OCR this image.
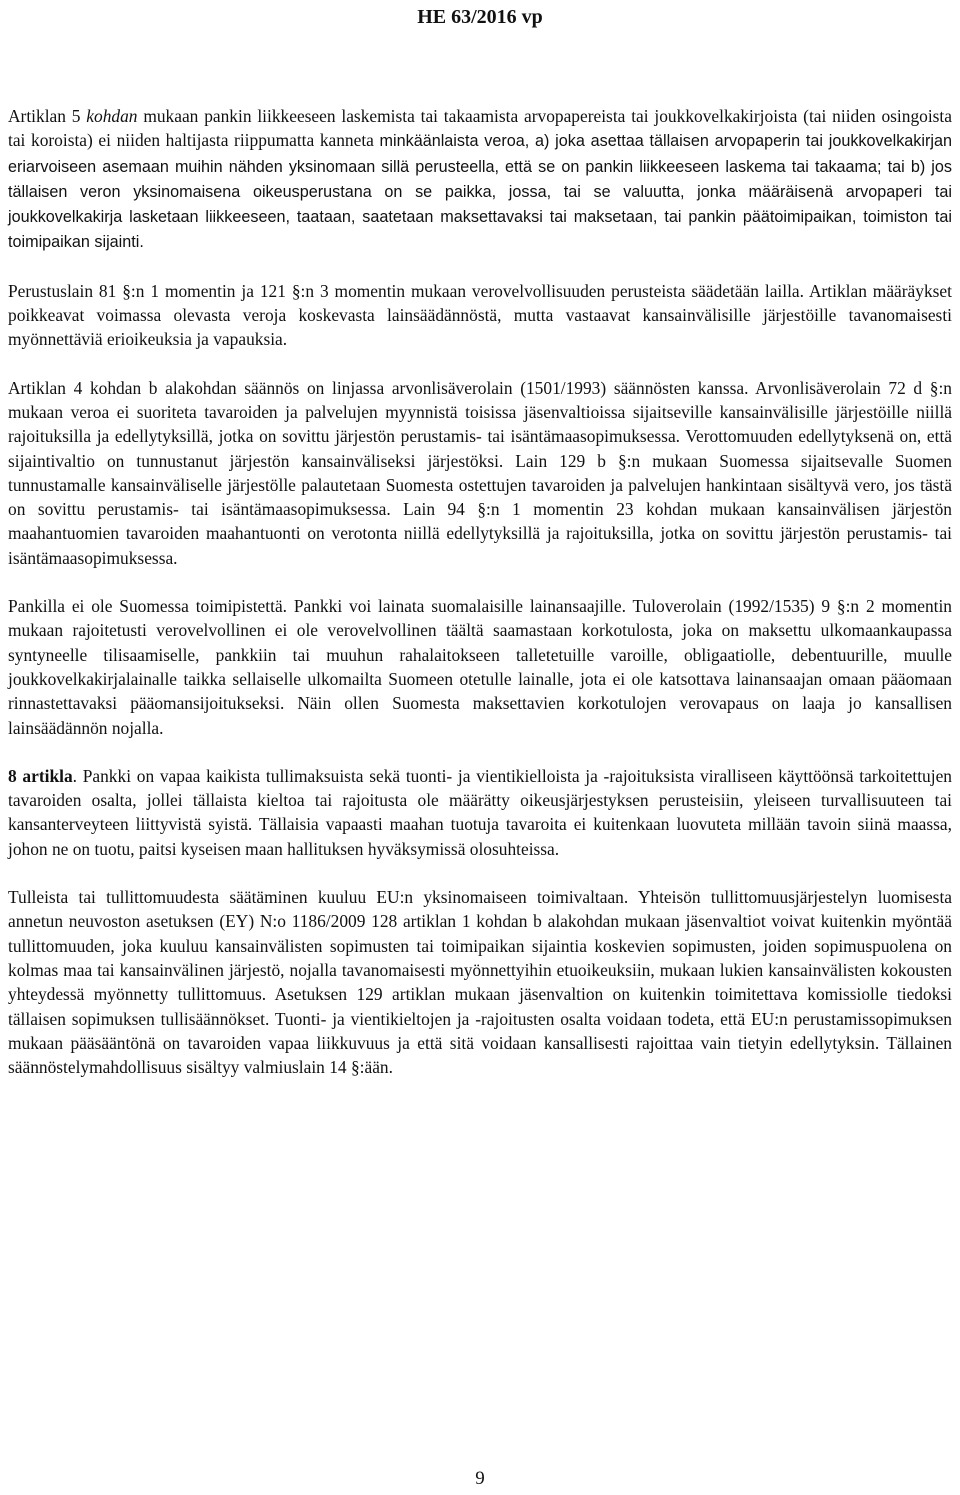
HE 63/2016 vp

Artiklan 5 kohdan mukaan pankin liikkeeseen laskemista tai takaamista arvopapereista tai joukkovelkakirjoista (tai niiden osingoista tai koroista) ei niiden haltijasta riippumatta kanneta minkäänlaista veroa, a) joka asettaa tällaisen arvopaperin tai joukkovelkakirjan eriarvoiseen asemaan muihin nähden yksinomaan sillä perusteella, että se on pankin liikkeeseen laskema tai takaama; tai b) jos tällaisen veron yksinomaisena oikeusperustana on se paikka, jossa, tai se valuutta, jonka määräisenä arvopaperi tai joukkovelkakirja lasketaan liikkeeseen, taataan, saatetaan maksettavaksi tai maksetaan, tai pankin päätoimipaikan, toimiston tai toimipaikan sijainti.

Perustuslain 81 §:n 1 momentin ja 121 §:n 3 momentin mukaan verovelvollisuuden perusteista säädetään lailla. Artiklan määräykset poikkeavat voimassa olevasta veroja koskevasta lainsäädännöstä, mutta vastaavat kansainvälisille järjestöille tavanomaisesti myönnettäviä erioikeuksia ja vapauksia.

Artiklan 4 kohdan b alakohdan säännös on linjassa arvonlisäverolain (1501/1993) säännösten kanssa. Arvonlisäverolain 72 d §:n mukaan veroa ei suoriteta tavaroiden ja palvelujen myynnistä toisissa jäsenvaltioissa sijaitseville kansainvälisille järjestöille niillä rajoituksilla ja edellytyksillä, jotka on sovittu järjestön perustamis- tai isäntämaasopimuksessa. Verottomuuden edellytyksenä on, että sijaintivaltio on tunnustanut järjestön kansainväliseksi järjestöksi. Lain 129 b §:n mukaan Suomessa sijaitsevalle Suomen tunnustamalle kansainväliselle järjestölle palautetaan Suomesta ostettujen tavaroiden ja palvelujen hankintaan sisältyvä vero, jos tästä on sovittu perustamis- tai isäntämaasopimuksessa. Lain 94 §:n 1 momentin 23 kohdan mukaan kansainvälisen järjestön maahantuomien tavaroiden maahantuonti on verotonta niillä edellytyksillä ja rajoituksilla, jotka on sovittu järjestön perustamis- tai isäntämaasopimuksessa.

Pankilla ei ole Suomessa toimipistettä. Pankki voi lainata suomalaisille lainansaajille. Tuloverolain (1992/1535) 9 §:n 2 momentin mukaan rajoitetusti verovelvollinen ei ole verovelvollinen täältä saamastaan korkotulosta, joka on maksettu ulkomaankaupassa syntyneelle tilisaamiselle, pankkiin tai muuhun rahalaitokseen talletetuille varoille, obligaatiolle, debentuurille, muulle joukkovelkakirjalainalle taikka sellaiselle ulkomailta Suomeen otetulle lainalle, jota ei ole katsottava lainansaajan omaan pääomaan rinnastettavaksi pääomansijoitukseksi. Näin ollen Suomesta maksettavien korkotulojen verovapaus on laaja jo kansallisen lainsäädännön nojalla.

8 artikla. Pankki on vapaa kaikista tullimaksuista sekä tuonti- ja vientikielloista ja -rajoituksista viralliseen käyttöönsä tarkoitettujen tavaroiden osalta, jollei tällaista kieltoa tai rajoitusta ole määrätty oikeusjärjestyksen perusteisiin, yleiseen turvallisuuteen tai kansanterveyteen liittyvistä syistä. Tällaisia vapaasti maahan tuotuja tavaroita ei kuitenkaan luovuteta millään tavoin siinä maassa, johon ne on tuotu, paitsi kyseisen maan hallituksen hyväksymissä olosuhteissa.

Tulleista tai tullittomuudesta säätäminen kuuluu EU:n yksinomaiseen toimivaltaan. Yhteisön tullittomuusjärjestelyn luomisesta annetun neuvoston asetuksen (EY) N:o 1186/2009 128 artiklan 1 kohdan b alakohdan mukaan jäsenvaltiot voivat kuitenkin myöntää tullittomuuden, joka kuuluu kansainvälisten sopimusten tai toimipaikan sijaintia koskevien sopimusten, joiden sopimuspuolena on kolmas maa tai kansainvälinen järjestö, nojalla tavanomaisesti myönnettyihin etuoikeuksiin, mukaan lukien kansainvälisten kokousten yhteydessä myönnetty tullittomuus. Asetuksen 129 artiklan mukaan jäsenvaltion on kuitenkin toimitettava komissiolle tiedoksi tällaisen sopimuksen tullisäännökset. Tuonti- ja vientikieltojen ja -rajoitusten osalta voidaan todeta, että EU:n perustamissopimuksen mukaan pääsääntönä on tavaroiden vapaa liikkuvuus ja että sitä voidaan kansallisesti rajoittaa vain tietyin edellytyksin. Tällainen säännöstelymahdollisuus sisältyy valmiuslain 14 §:ään.

9
